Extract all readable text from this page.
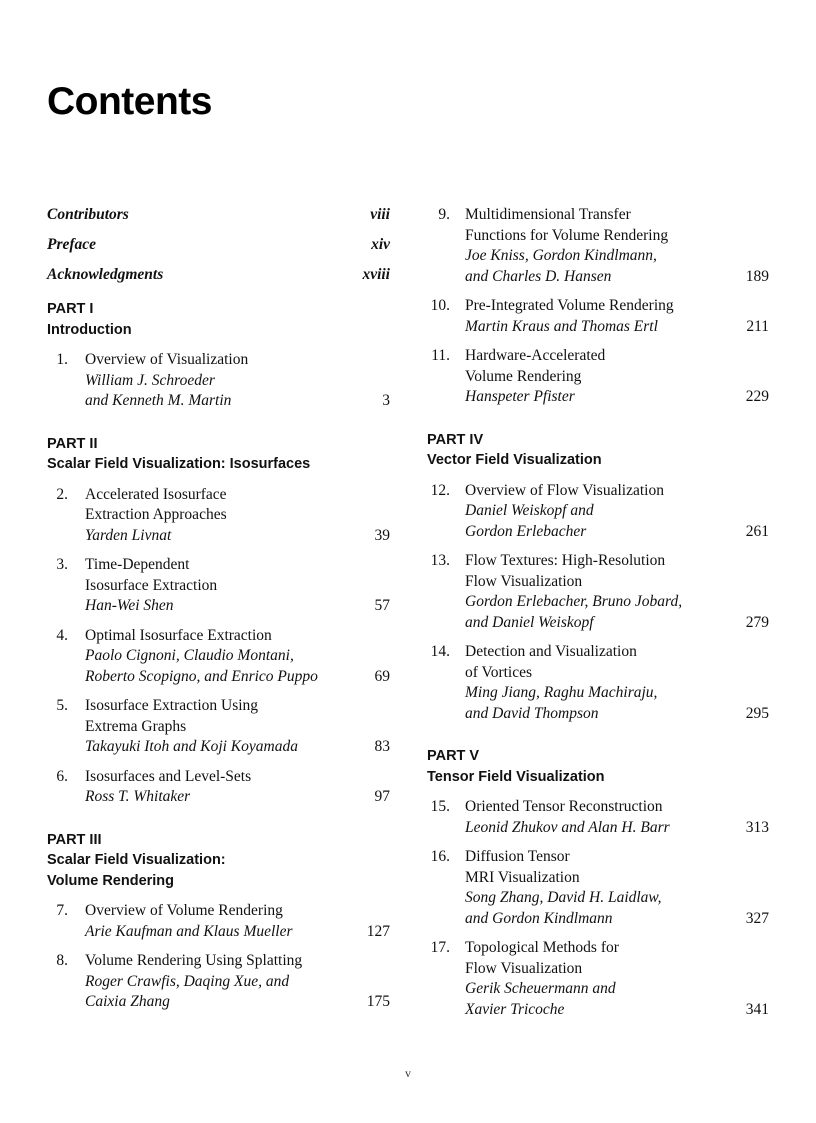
Contents
Contributors	viii
Preface	xiv
Acknowledgments	xviii
PART I
Introduction
1. Overview of Visualization
William J. Schroeder
and Kenneth M. Martin	3
PART II
Scalar Field Visualization: Isosurfaces
2. Accelerated Isosurface
Extraction Approaches
Yarden Livnat	39
3. Time-Dependent
Isosurface Extraction
Han-Wei Shen	57
4. Optimal Isosurface Extraction
Paolo Cignoni, Claudio Montani,
Roberto Scopigno, and Enrico Puppo	69
5. Isosurface Extraction Using
Extrema Graphs
Takayuki Itoh and Koji Koyamada	83
6. Isosurfaces and Level-Sets
Ross T. Whitaker	97
PART III
Scalar Field Visualization:
Volume Rendering
7. Overview of Volume Rendering
Arie Kaufman and Klaus Mueller	127
8. Volume Rendering Using Splatting
Roger Crawfis, Daqing Xue, and
Caixia Zhang	175
9. Multidimensional Transfer
Functions for Volume Rendering
Joe Kniss, Gordon Kindlmann,
and Charles D. Hansen	189
10. Pre-Integrated Volume Rendering
Martin Kraus and Thomas Ertl	211
11. Hardware-Accelerated
Volume Rendering
Hanspeter Pfister	229
PART IV
Vector Field Visualization
12. Overview of Flow Visualization
Daniel Weiskopf and
Gordon Erlebacher	261
13. Flow Textures: High-Resolution
Flow Visualization
Gordon Erlebacher, Bruno Jobard,
and Daniel Weiskopf	279
14. Detection and Visualization
of Vortices
Ming Jiang, Raghu Machiraju,
and David Thompson	295
PART V
Tensor Field Visualization
15. Oriented Tensor Reconstruction
Leonid Zhukov and Alan H. Barr	313
16. Diffusion Tensor
MRI Visualization
Song Zhang, David H. Laidlaw,
and Gordon Kindlmann	327
17. Topological Methods for
Flow Visualization
Gerik Scheuermann and
Xavier Tricoche	341
v
